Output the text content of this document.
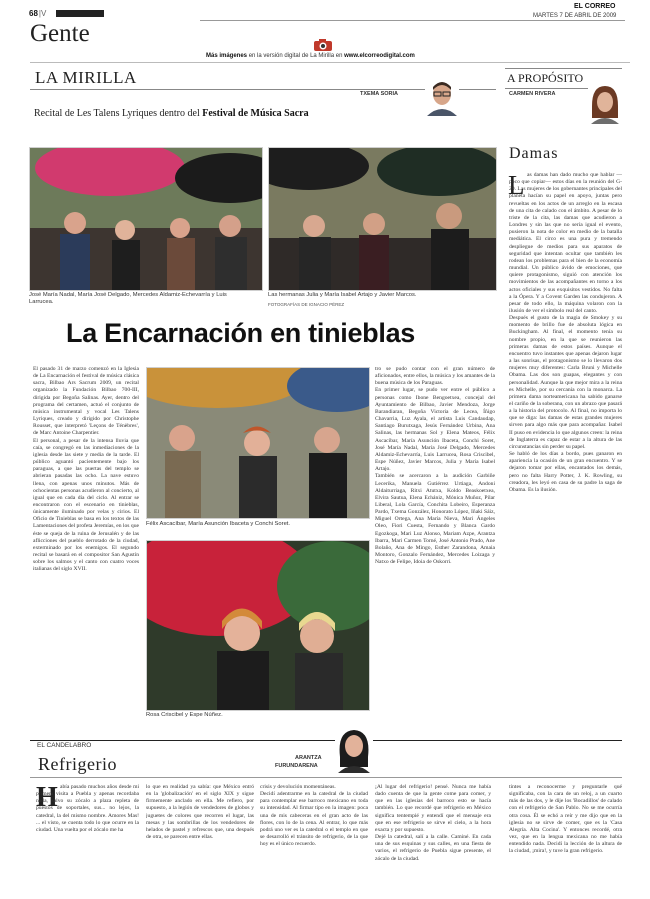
68|V
EL CORREO
MARTES 7 DE ABRIL DE 2009
Gente
Más imágenes en la versión digital de La Mirilla en www.elcorreodigital.com
LA MIRILLA
TXEMA SORIA
Recital de Les Talens Lyriques dentro del Festival de Música Sacra
José María Nadal, María José Delgado, Mercedes Aldamiz-Echevarría y Luis Larrucea.
Las hermanas Julia y María Isabel Artajo y Javier Marcos.
FOTOGRAFÍAS DE IGNACIO PÉREZ
La Encarnación en tinieblas
El pasado 31 de marzo comenzó en la Iglesia de La Encarnación el festival de música clásica sacra, Bilbao Ars Sacrum 2009, un recital organizado la Fundación Bilbao 700-III, dirigida por Begoña Salinas. Ayer, dentro del programa del certamen, actuó el conjunto de música instrumental y vocal Les Talens Lyriques, creado y dirigido por Christophe Rousset, que interpretó 'Leçons de Ténèbres', de Marc Antoine Charpentier.
El personal, a pesar de la intensa lluvia que caía, se congregó en las inmediaciones de la iglesia desde las siete y media de la tarde. El público aguantó pacientemente bajo los paraguas, a que las puertas del templo se abrieran pasadas las ocho. La nave estuvo llena, con apenas unos minutos. Más de ochocientas personas acudieron al concierto, al igual que en cada día del ciclo. Al entrar se encontraron con el escenario en tinieblas, únicamente iluminado por velas y cirios. El Oficio de Tinieblas se basa en los textos de las Lamentaciones del profeta Jeremías, en los que éste se queja de la ruina de Jerusalén y de las aflicciones del pueblo derrotado de la ciudad, exterminado por los enemigos. El segundo recital se basará en el compositor San Agustín sobre los salmos y el canto con cuatro voces italianas del siglo XVII.
Félix Ascacíbar, María Asunción Ibaceta y Conchi Soret.
Rosa Criscibel y Espe Núñez.
tro se pudo contar con el gran número de aficionados, entre ellos, la música y los amantes de la buena música de los Paraguas.
En primer lugar, se pudo ver entre el público a personas como Ibone Bengoetxea, concejal del Ayuntamiento de Bilbao, Javier Mendoza, Jorge Barandiaran, Begoña Victoria de Lecea, Íñigo Chavarria, Luz Ayala, el artista Luis Candaudap, Santiago Burutxaga, Jesús Fernández Urbina, Ana Salinas, las hermanas Sol y Elena Mateos, Félix Ascacíbar, María Asunción Ibaceta, Conchi Soret, José María Nadal, María José Delgado, Mercedes Aldamiz-Echevarría, Luis Larrucea, Rosa Criscibel, Espe Núñez, Javier Marcos, Julia y María Isabel Artajo.
También se acercaron a la audición Garbiñe Lecerika, Manuela Gutiérrez Urtiaga, Andoni Aldaiturriaga, Ritxi Atutxa, Koldo Beaskoetxea, Elvira Sautua, Elena Echániz, Mónica Muñoz, Pilar Liberal, Lola García, Conchita Lobeiro, Esperanza Pardo, Txema González, Honorato López, Iñaki Sáiz, Miguel Ortega, Ana María Nieva, Mari Ángeles Oleo, Fiori Cuesta, Fernando y Blanca Gardo Egozkoga, Mari Luz Alonso, Mariam Azpe, Arantza Ibarra, Mari Carmen Torné, José Antonio Prado, Ane Bolaño, Ana de Mingo, Esther Zarandona, Amaia Montoro, Gonzalo Fernández, Mercedes Loizaga y Natxo de Felipe, Idoia de Oskorri.
A PROPÓSITO
CARMEN RIVERA
Damas
L as damas han dado mucho que hablar —poco que copiar— estos días en la reunión del G-20. Las mujeres de los gobernantes principales del planeta hacían su papel en apoyo, juntas pero revueltas en los actos de un arreglo en la escasa de una cita de calado con el ámbito. A pesar de lo triste de la cita, las damas que acudieron a Londres y sin las que no sería igual el evento, pusieron la nota de color en medio de la batalla mediática. El circo es una pura y tremendo despliegue de medios para sus aparatos de seguridad que intentan ocultar que también les rodean los problemas para el bien de la economía mundial. Un público ávido de emociones, que quiere protagonismo, siguió con atención los movimientos de las acompañantes en torno a los actos oficiales y sus exquisitos vestidos. No falta a la Ópera. Y a Covent Garden las condujeron. A pesar de todo ello, la máquina volaron con la ilusión de ver el símbolo real del canto.
Después el gusto de la magia de Smokey y su momento de brillo fue de absoluta lógica en Buckingham. Al final, el momento tenía su nombre propio, en la que se reunieron las primeras damas de estos países. Aunque el encuentro tuvo instantes que apenas dejaron lugar a las sonrisas, el protagonismo se lo llevaron dos mujeres muy diferentes: Carla Bruni y Michelle Obama. Las dos son guapas, elegantes y con personalidad. Aunque la que mejor mira a la reina es Michelle, por su cercanía con la monarca. La primera dama norteamericana ha sabido ganarse el cariño de la soberana, con un abrazo que pasará a la historia del protocolo. Al final, no importa lo que se diga: las damas de estas grandes mujeres sirven para algo más que para acompañar. Isabel II puso en evidencia lo que algunos creen: la reina de Inglaterra es capaz de estar a la altura de las circunstancias sin perder su papel.
Se habló de los días a bordo, pues ganaron en apariencia la ocasión de un gran encuentro. Y se dejaron tomar por ellas, encantados los demás, pero no falta Harry Potter, J. K. Rowling, su creadora, les leyó en casa de su padre la saga de Obama. Es la ilusión.
EL CANDELABRO
Refrigerio	ARANTZA
FURUNDARENA
H abía pasado muchos años desde mi primera visita a Puebla y apenas recordaba nada, salvo su zócalo a plaza repleta de puestos de soportales, sus... no lejos, la catedral, la del mismo nombre. Amores Mas! ... el visto, se cuenta todo lo que ocurre en la ciudad. Una vuelta por el zócalo me ha
lo que en realidad ya sabía: que México entró en la 'globalización' en el siglo XIX y sigue firmemente anclado en ella. Me refiero, por supuesto, a la legión de vendedores de globos y juguetes de colores que recorren el lugar, las mesas y las sombrillas de los vendedores de helados de pastel y refrescos que, una después de otra, se parecen entre ellas.
crisis y devolución momentáneas.
Decidí adentrarme en la catedral de la ciudad para contemplar ese barroco mexicano en toda su intensidad. Al firmar tipo en la imagen: poca una de mis cabeceras en el gran acto de las flores, con lo de la cena. Al entrar, lo que más podrá uno ver es la catedral o el templo en que se desarrolló el tránsito de refrigerio, de la que hoy es el único recuerdo.
¡Al lugar del refrigerio! pensé. Nunca me había dado cuenta de que la gente come para comer, y que en las iglesias del barroco esto se hacía también. Lo que recordé que refrigerio en México significa tentempié y entendí que el mensaje era que en ese refrigerio se sirve el cielo, a la hora exacta y por supuesto.
Dejé la catedral, salí a la calle. Caminé. En cada una de sus esquinas y sus calles, en una fiesta de varios, el refrigerio de Puebla sigue presente, el zócalo de la ciudad.
tintes a reconocerme y preguntarle qué significaba, con la cara de un reloj, a un cuarto más de las dos, y le dije los 'Bocadillos' de calado con el refrigerio de San Pablo. No se me ocurría otra cosa. Él se echó a reír y me dijo que en la iglesia no se sirve de comer, que es la 'Casa Alegría. Alta Cocina'. Y entonces recordé, otra vez, que en la lengua mexicana no me había entendido nada. Decidí la lección de la altura de la ciudad, ¡mira!, y tuve la gran refrigerio.
